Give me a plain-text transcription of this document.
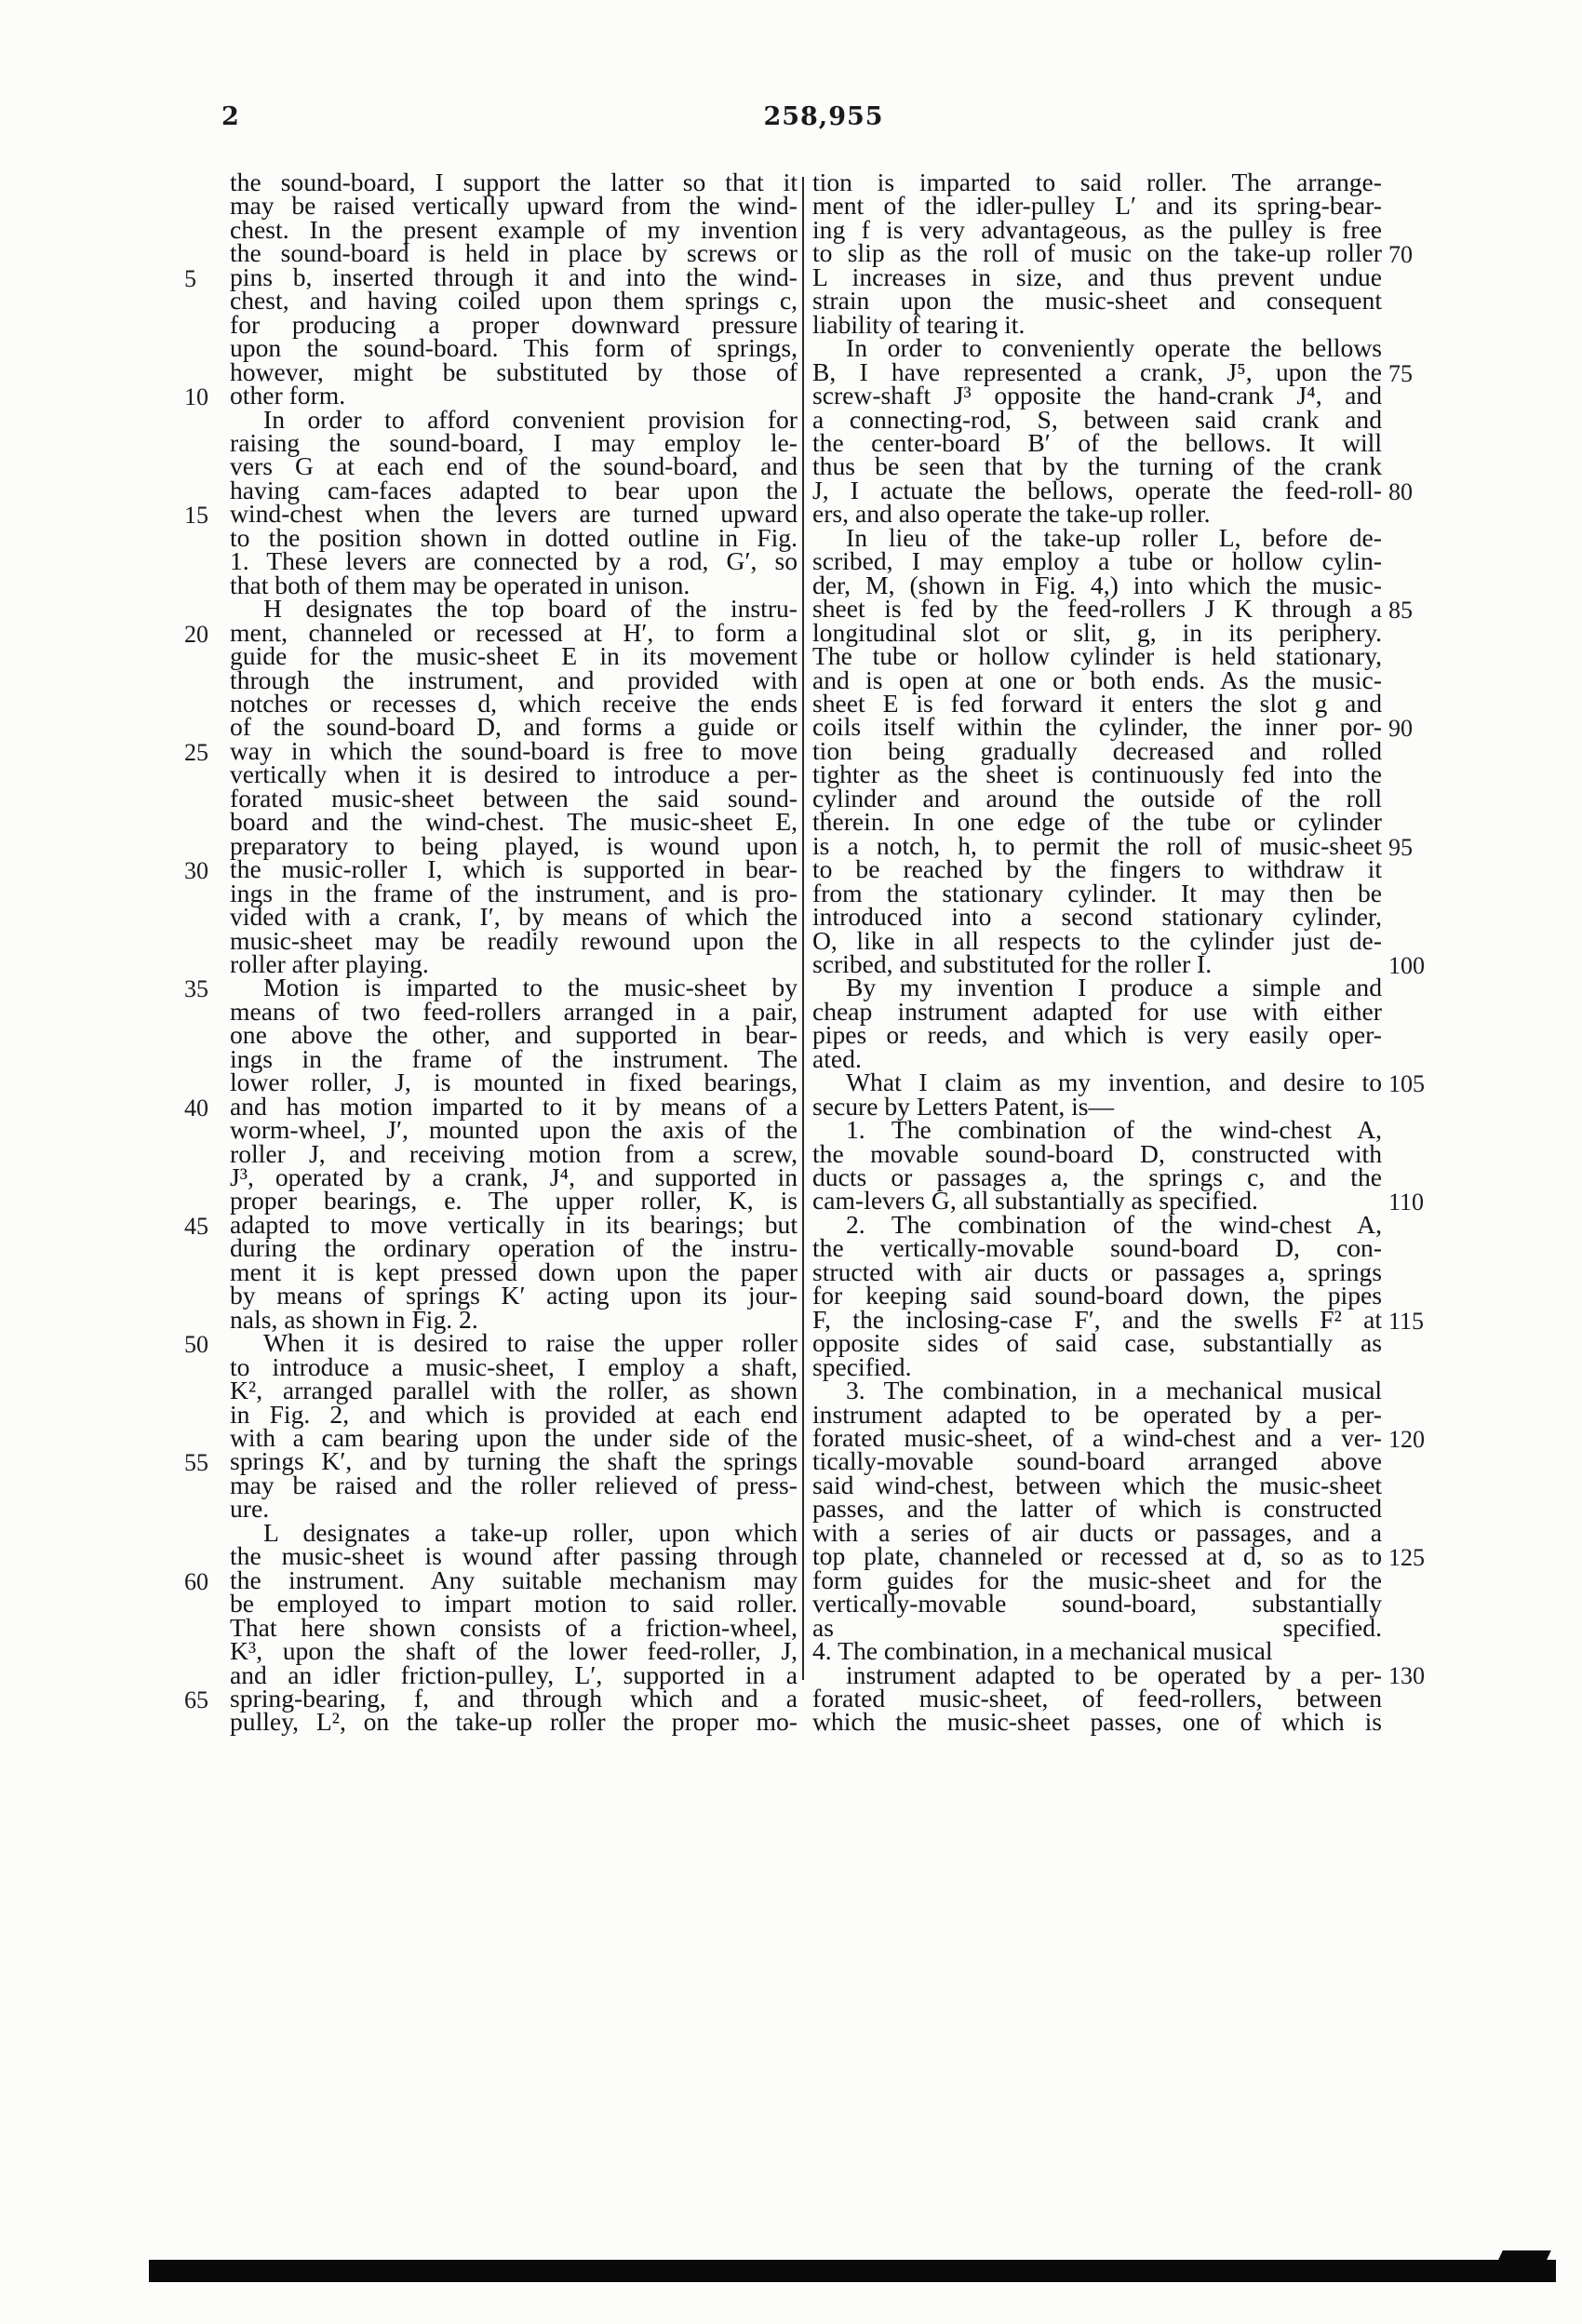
2	258,955
the sound-board, I support the latter so that it
may be raised vertically upward from the wind-
chest. In the present example of my invention
the sound-board is held in place by screws or
pins b, inserted through it and into the wind-
chest, and having coiled upon them springs c,
for producing a proper downward pressure
upon the sound-board. This form of springs,
however, might be substituted by those of
other form.
In order to afford convenient provision for
raising the sound-board, I may employ le-
vers G at each end of the sound-board, and
having cam-faces adapted to bear upon the
wind-chest when the levers are turned upward
to the position shown in dotted outline in Fig.
1. These levers are connected by a rod, G′, so
that both of them may be operated in unison.
H designates the top board of the instru-
ment, channeled or recessed at H′, to form a
guide for the music-sheet E in its movement
through the instrument, and provided with
notches or recesses d, which receive the ends
of the sound-board D, and forms a guide or
way in which the sound-board is free to move
vertically when it is desired to introduce a per-
forated music-sheet between the said sound-
board and the wind-chest. The music-sheet E,
preparatory to being played, is wound upon
the music-roller I, which is supported in bear-
ings in the frame of the instrument, and is pro-
vided with a crank, I′, by means of which the
music-sheet may be readily rewound upon the
roller after playing.
Motion is imparted to the music-sheet by
means of two feed-rollers arranged in a pair,
one above the other, and supported in bear-
ings in the frame of the instrument. The
lower roller, J, is mounted in fixed bearings,
and has motion imparted to it by means of a
worm-wheel, J′, mounted upon the axis of the
roller J, and receiving motion from a screw,
J³, operated by a crank, J⁴, and supported in
proper bearings, e. The upper roller, K, is
adapted to move vertically in its bearings; but
during the ordinary operation of the instru-
ment it is kept pressed down upon the paper
by means of springs K′ acting upon its jour-
nals, as shown in Fig. 2.
When it is desired to raise the upper roller
to introduce a music-sheet, I employ a shaft,
K², arranged parallel with the roller, as shown
in Fig. 2, and which is provided at each end
with a cam bearing upon the under side of the
springs K′, and by turning the shaft the springs
may be raised and the roller relieved of press-
ure.
L designates a take-up roller, upon which
the music-sheet is wound after passing through
the instrument. Any suitable mechanism may
be employed to impart motion to said roller.
That here shown consists of a friction-wheel,
K³, upon the shaft of the lower feed-roller, J,
and an idler friction-pulley, L′, supported in a
spring-bearing, f, and through which and a
pulley, L², on the take-up roller the proper mo-
tion is imparted to said roller. The arrange-
ment of the idler-pulley L′ and its spring-bear-
ing f is very advantageous, as the pulley is free
to slip as the roll of music on the take-up roller
L increases in size, and thus prevent undue
strain upon the music-sheet and consequent
liability of tearing it.
In order to conveniently operate the bellows
B, I have represented a crank, J⁵, upon the
screw-shaft J³ opposite the hand-crank J⁴, and
a connecting-rod, S, between said crank and
the center-board B′ of the bellows. It will
thus be seen that by the turning of the crank
J, I actuate the bellows, operate the feed-roll-
ers, and also operate the take-up roller.
In lieu of the take-up roller L, before de-
scribed, I may employ a tube or hollow cylin-
der, M, (shown in Fig. 4,) into which the music-
sheet is fed by the feed-rollers J K through a
longitudinal slot or slit, g, in its periphery.
The tube or hollow cylinder is held stationary,
and is open at one or both ends. As the music-
sheet E is fed forward it enters the slot g and
coils itself within the cylinder, the inner por-
tion being gradually decreased and rolled
tighter as the sheet is continuously fed into the
cylinder and around the outside of the roll
therein. In one edge of the tube or cylinder
is a notch, h, to permit the roll of music-sheet
to be reached by the fingers to withdraw it
from the stationary cylinder. It may then be
introduced into a second stationary cylinder,
O, like in all respects to the cylinder just de-
scribed, and substituted for the roller I.
By my invention I produce a simple and
cheap instrument adapted for use with either
pipes or reeds, and which is very easily oper-
ated.
What I claim as my invention, and desire to
secure by Letters Patent, is—
1. The combination of the wind-chest A,
the movable sound-board D, constructed with
ducts or passages a, the springs c, and the
cam-levers G, all substantially as specified.
2. The combination of the wind-chest A,
the vertically-movable sound-board D, con-
structed with air ducts or passages a, springs
for keeping said sound-board down, the pipes
F, the inclosing-case F′, and the swells F² at
opposite sides of said case, substantially as
specified.
3. The combination, in a mechanical musical
instrument adapted to be operated by a per-
forated music-sheet, of a wind-chest and a ver-
tically-movable sound-board arranged above
said wind-chest, between which the music-sheet
passes, and the latter of which is constructed
with a series of air ducts or passages, and a
top plate, channeled or recessed at d, so as to
form guides for the music-sheet and for the
vertically-movable sound-board, substantially
as specified.
4. The combination, in a mechanical musical
instrument adapted to be operated by a per-
forated music-sheet, of feed-rollers, between
which the music-sheet passes, one of which is
5
10
15
20
25
30
35
40
45
50
55
60
65
70
75
80
85
90
95
100
105
110
115
120
125
130
